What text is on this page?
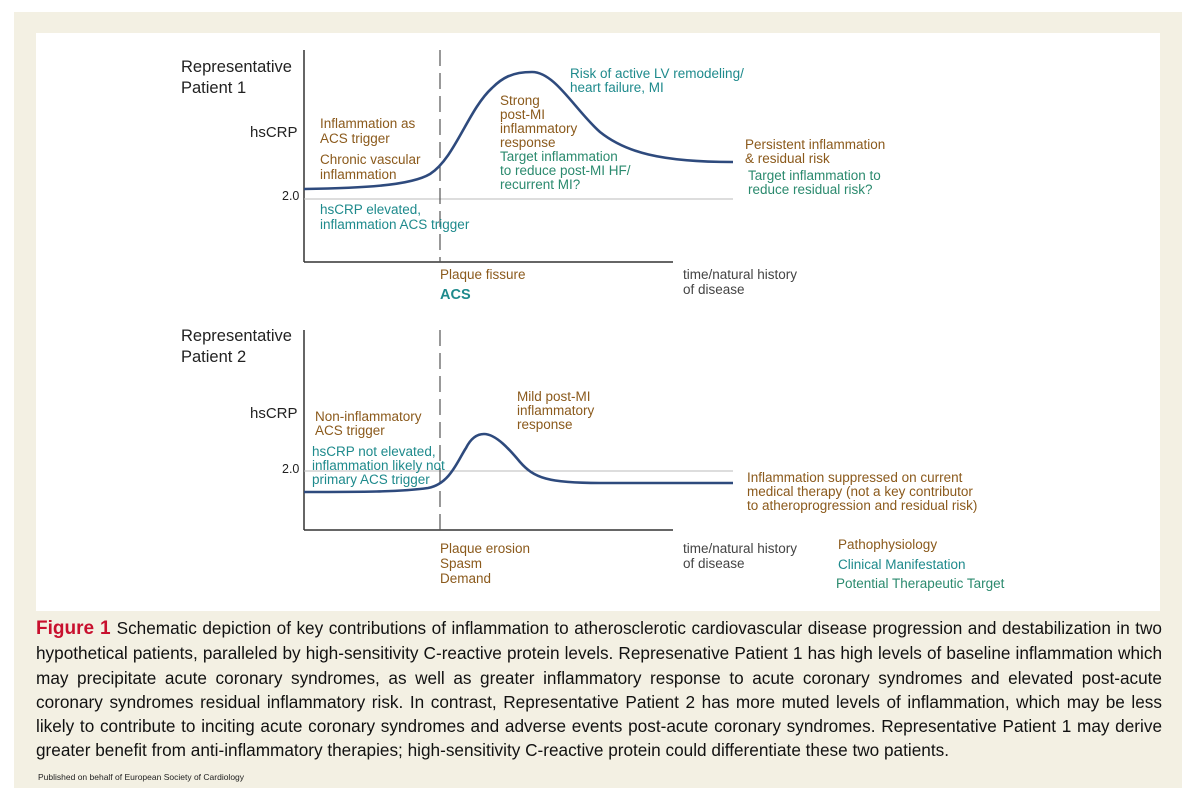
Representative Patient 1
hsCRP
2.0
Inflammation as ACS trigger Chronic vascular inflammation
hsCRP elevated, inflammation ACS trigger
Strong post-MI inflammatory response
Target inflammation to reduce post-MI HF/ recurrent MI?
Risk of active LV remodeling/ heart failure, MI
Persistent inflammation & residual risk
Target inflammation to reduce residual risk?
Plaque fissure
ACS
time/natural history of disease
Representative Patient 2
hsCRP
2.0
Non-inflammatory ACS trigger
hsCRP not elevated, inflammation likely not primary ACS trigger
Mild post-MI inflammatory response
Inflammation suppressed on current medical therapy (not a key contributor to atheroprogression and residual risk)
Plaque erosion Spasm Demand
time/natural history of disease
Pathophysiology
Clinical Manifestation
Potential Therapeutic Target
Figure 1 Schematic depiction of key contributions of inflammation to atherosclerotic cardiovascular disease progression and destabilization in two hypothetical patients, paralleled by high-sensitivity C-reactive protein levels. Represenative Patient 1 has high levels of baseline inflammation which may precipitate acute coronary syndromes, as well as greater inflammatory response to acute coronary syndromes and elevated post-acute coronary syndromes residual inflammatory risk. In contrast, Representative Patient 2 has more muted levels of inflammation, which may be less likely to contribute to inciting acute coronary syndromes and adverse events post-acute coronary syndromes. Representative Patient 1 may derive greater benefit from anti-inflammatory therapies; high-sensitivity C-reactive protein could differentiate these two patients.
Published on behalf of European Society of Cardiology
